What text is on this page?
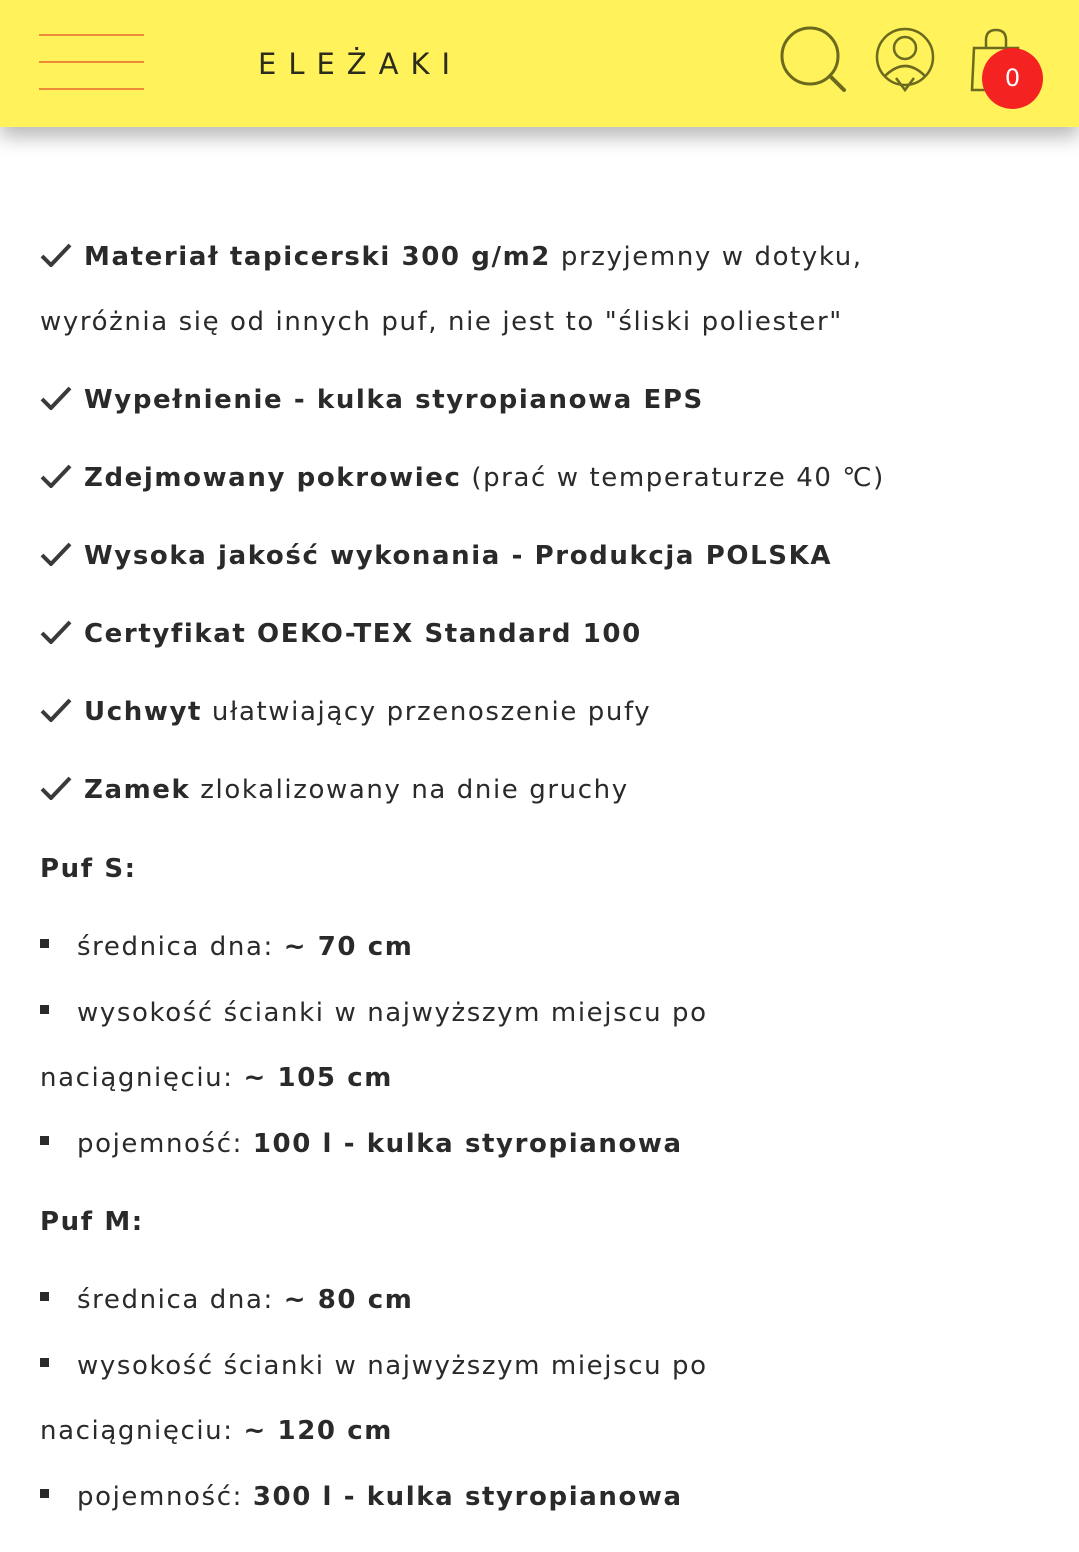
ELEŻAKI	0
Materiał tapicerski 300 g/m2 przyjemny w dotyku,
wyróżnia się od innych puf, nie jest to "śliski poliester"
Wypełnienie - kulka styropianowa EPS
Zdejmowany pokrowiec (prać w temperaturze 40 ℃)
Wysoka jakość wykonania - Produkcja POLSKA
Certyfikat OEKO-TEX Standard 100
Uchwyt ułatwiający przenoszenie pufy
Zamek zlokalizowany na dnie gruchy
Puf S:
średnica dna: ~ 70 cm
wysokość ścianki w najwyższym miejscu po
naciągnięciu: ~ 105 cm
pojemność: 100 l - kulka styropianowa
Puf M:
średnica dna: ~ 80 cm
wysokość ścianki w najwyższym miejscu po
naciągnięciu: ~ 120 cm
pojemność: 300 l - kulka styropianowa
